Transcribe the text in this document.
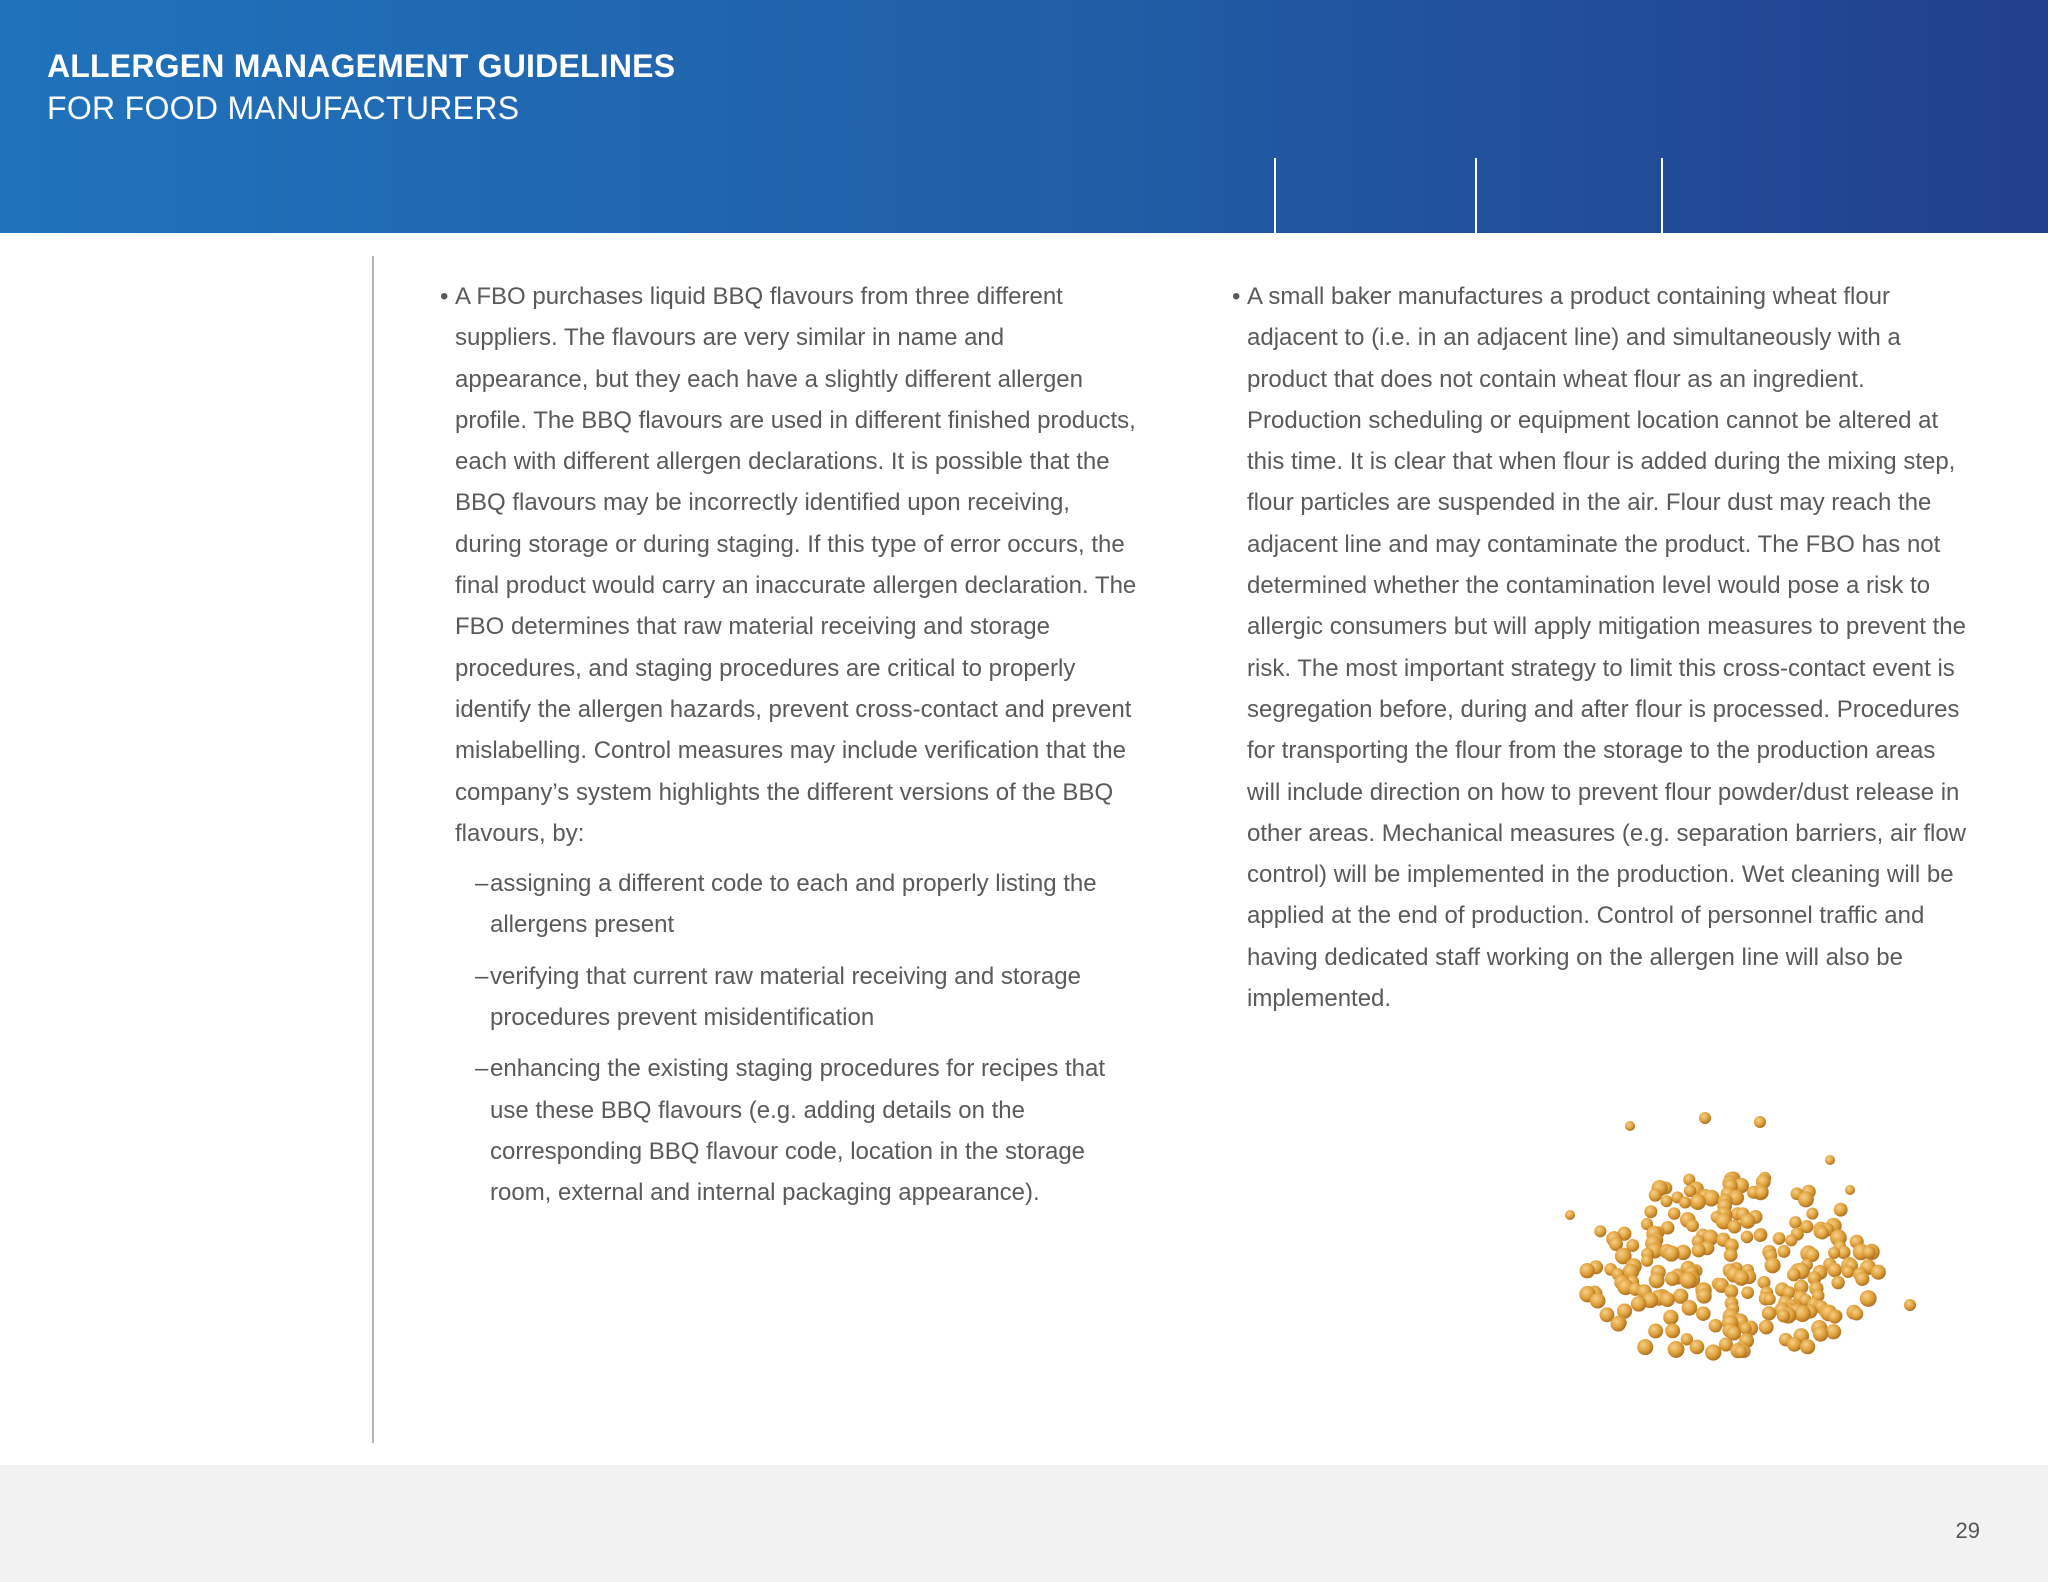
ALLERGEN MANAGEMENT GUIDELINES
FOR FOOD MANUFACTURERS
• A FBO purchases liquid BBQ flavours from three different suppliers. The flavours are very similar in name and appearance, but they each have a slightly different allergen profile. The BBQ flavours are used in different finished products, each with different allergen declarations. It is possible that the BBQ flavours may be incorrectly identified upon receiving, during storage or during staging. If this type of error occurs, the final product would carry an inaccurate allergen declaration. The FBO determines that raw material receiving and storage procedures, and staging procedures are critical to properly identify the allergen hazards, prevent cross-contact and prevent mislabelling. Control measures may include verification that the company’s system highlights the different versions of the BBQ flavours, by:
– assigning a different code to each and properly listing the allergens present
– verifying that current raw material receiving and storage procedures prevent misidentification
– enhancing the existing staging procedures for recipes that use these BBQ flavours (e.g. adding details on the corresponding BBQ flavour code, location in the storage room, external and internal packaging appearance).
• A small baker manufactures a product containing wheat flour adjacent to (i.e. in an adjacent line) and simultaneously with a product that does not contain wheat flour as an ingredient. Production scheduling or equipment location cannot be altered at this time. It is clear that when flour is added during the mixing step, flour particles are suspended in the air. Flour dust may reach the adjacent line and may contaminate the product. The FBO has not determined whether the contamination level would pose a risk to allergic consumers but will apply mitigation measures to prevent the risk. The most important strategy to limit this cross-contact event is segregation before, during and after flour is processed. Procedures for transporting the flour from the storage to the production areas will include direction on how to prevent flour powder/dust release in other areas. Mechanical measures (e.g. separation barriers, air flow control) will be implemented in the production. Wet cleaning will be applied at the end of production. Control of personnel traffic and having dedicated staff working on the allergen line will also be implemented.
29
